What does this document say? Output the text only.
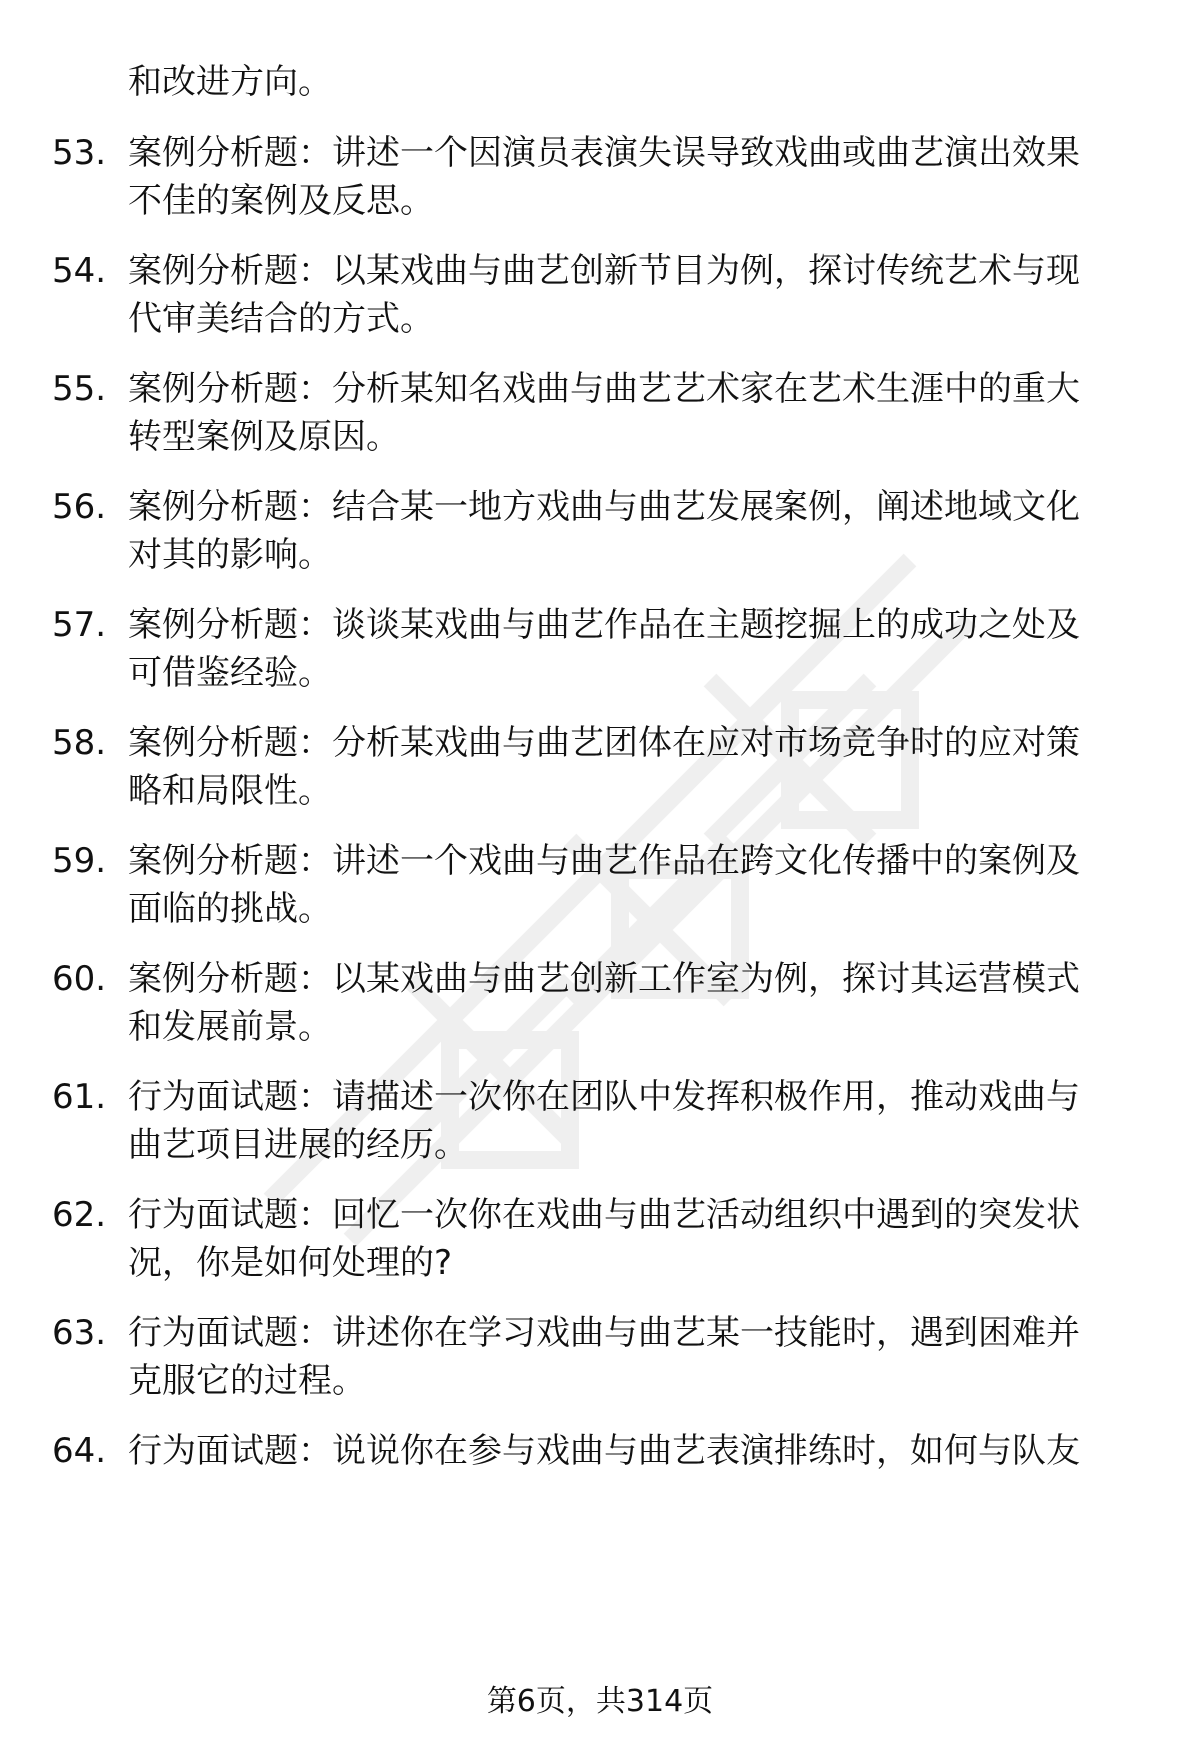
和改进方向。

53. 案例分析题：讲述一个因演员表演失误导致戏曲或曲艺演出效果
不佳的案例及反思。
54. 案例分析题：以某戏曲与曲艺创新节目为例，探讨传统艺术与现
代审美结合的方式。
55. 案例分析题：分析某知名戏曲与曲艺艺术家在艺术生涯中的重大
转型案例及原因。
56. 案例分析题：结合某一地方戏曲与曲艺发展案例，阐述地域文化
对其的影响。
57. 案例分析题：谈谈某戏曲与曲艺作品在主题挖掘上的成功之处及
可借鉴经验。
58. 案例分析题：分析某戏曲与曲艺团体在应对市场竞争时的应对策
略和局限性。
59. 案例分析题：讲述一个戏曲与曲艺作品在跨文化传播中的案例及
面临的挑战。
60. 案例分析题：以某戏曲与曲艺创新工作室为例，探讨其运营模式
和发展前景。
61. 行为面试题：请描述一次你在团队中发挥积极作用，推动戏曲与
曲艺项目进展的经历。
62. 行为面试题：回忆一次你在戏曲与曲艺活动组织中遇到的突发状
况，你是如何处理的?
63. 行为面试题：讲述你在学习戏曲与曲艺某一技能时，遇到困难并
克服它的过程。
64. 行为面试题：说说你在参与戏曲与曲艺表演排练时，如何与队友

第6页，共314页
